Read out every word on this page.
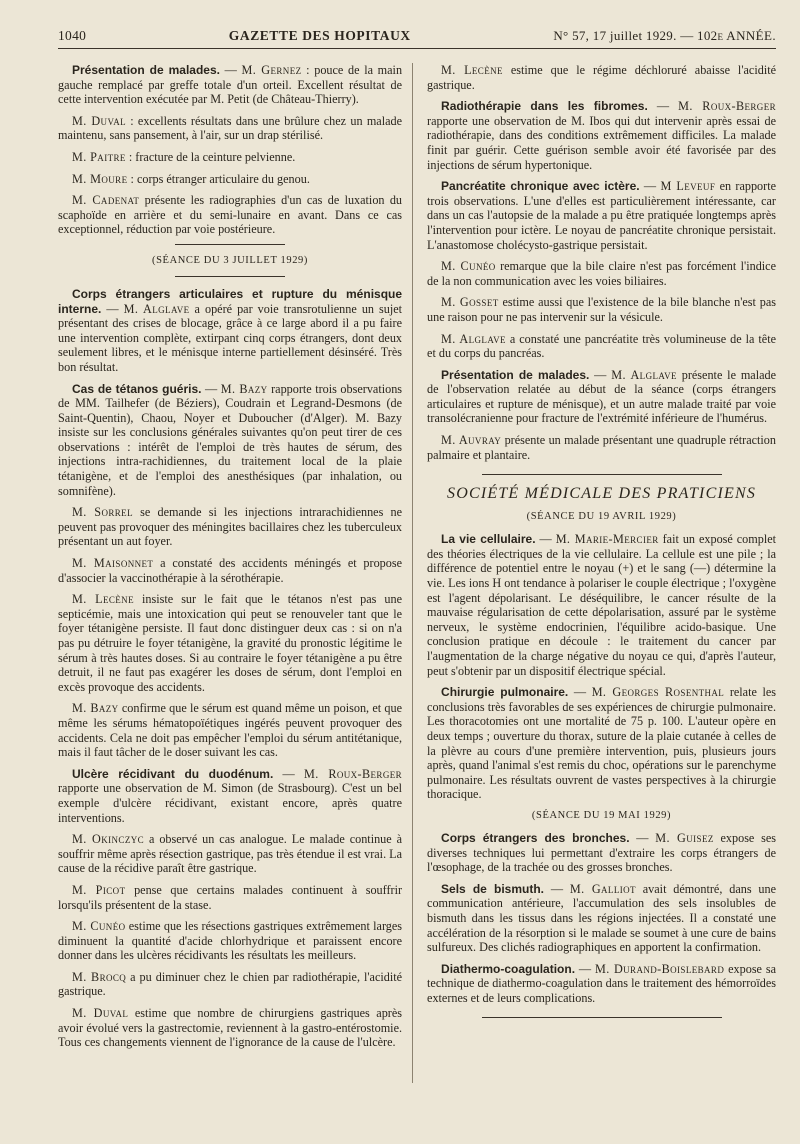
1040	GAZETTE DES HOPITAUX	N° 57, 17 juillet 1929. — 102e ANNÉE.

Présentation de malades. — M. Gernez : pouce de la main gauche remplacé par greffe totale d'un orteil. Excellent résultat de cette intervention exécutée par M. Petit (de Château-Thierry).

M. Duval : excellents résultats dans une brûlure chez un malade maintenu, sans pansement, à l'air, sur un drap stérilisé.

M. Paitre : fracture de la ceinture pelvienne.

M. Moure : corps étranger articulaire du genou.

M. Cadenat présente les radiographies d'un cas de luxation du scaphoïde en arrière et du semi-lunaire en avant. Dans ce cas exceptionnel, réduction par voie postérieure.

(SÉANCE DU 3 JUILLET 1929)

Corps étrangers articulaires et rupture du ménisque interne. — M. Alglave a opéré par voie transrotulienne un sujet présentant des crises de blocage, grâce à ce large abord il a pu faire une intervention complète, extirpant cinq corps étrangers, dont deux seulement libres, et le ménisque interne partiellement désinséré. Très bon résultat.

Cas de tétanos guéris. — M. Bazy rapporte trois observations de MM. Tailhefer (de Béziers), Coudrain et Legrand-Desmons (de Saint-Quentin), Chaou, Noyer et Duboucher (d'Alger). M. Bazy insiste sur les conclusions générales suivantes qu'on peut tirer de ces observations : intérêt de l'emploi de très hautes de sérum, des injections intra-rachidiennes, du traitement local de la plaie tétanigène, et de l'emploi des anesthésiques (par inhalation, ou somnifène).

M. Sorrel se demande si les injections intrarachidiennes ne peuvent pas provoquer des méningites bacillaires chez les tuberculeux présentant un aut foyer.

M. Maisonnet a constaté des accidents méningés et propose d'associer la vaccinothérapie à la sérothérapie.

M. Lecène insiste sur le fait que le tétanos n'est pas une septicémie, mais une intoxication qui peut se renouveler tant que le foyer tétanigène persiste. Il faut donc distinguer deux cas : si on n'a pas pu détruire le foyer tétanigène, la gravité du pronostic légitime le sérum à très hautes doses. Si au contraire le foyer tétanigène a pu être detruit, il ne faut pas exagérer les doses de sérum, dont l'emploi en excès provoque des accidents.

M. Bazy confirme que le sérum est quand même un poison, et que même les sérums hématopoïétiques ingérés peuvent provoquer des accidents. Cela ne doit pas empêcher l'emploi du sérum antitétanique, mais il faut tâcher de le doser suivant les cas.

Ulcère récidivant du duodénum. — M. Roux-Berger rapporte une observation de M. Simon (de Strasbourg). C'est un bel exemple d'ulcère récidivant, existant encore, après quatre interventions.

M. Okinczyc a observé un cas analogue. Le malade continue à souffrir même après résection gastrique, pas très étendue il est vrai. La cause de la récidive paraît être gastrique.

M. Picot pense que certains malades continuent à souffrir lorsqu'ils présentent de la stase.

M. Cunéo estime que les résections gastriques extrêmement larges diminuent la quantité d'acide chlorhydrique et paraissent encore donner dans les ulcères récidivants les résultats les meilleurs.

M. Brocq a pu diminuer chez le chien par radiothérapie, l'acidité gastrique.

M. Duval estime que nombre de chirurgiens gastriques après avoir évolué vers la gastrectomie, reviennent à la gastro-entérostomie. Tous ces changements viennent de l'ignorance de la cause de l'ulcère.

M. Lecène estime que le régime déchloruré abaisse l'acidité gastrique.

Radiothérapie dans les fibromes. — M. Roux-Berger rapporte une observation de M. Ibos qui dut intervenir après essai de radiothérapie, dans des conditions extrêmement difficiles. La malade finit par guérir. Cette guérison semble avoir été favorisée par des injections de sérum hypertonique.

Pancréatite chronique avec ictère. — M Leveuf en rapporte trois observations. L'une d'elles est particulièrement intéressante, car dans un cas l'autopsie de la malade a pu être pratiquée longtemps après l'intervention pour ictère. Le noyau de pancréatite chronique persistait. L'anastomose cholécysto-gastrique persistait.

M. Cunéo remarque que la bile claire n'est pas forcément l'indice de la non communication avec les voies biliaires.

M. Gosset estime aussi que l'existence de la bile blanche n'est pas une raison pour ne pas intervenir sur la vésicule.

M. Alglave a constaté une pancréatite très volumineuse de la tête et du corps du pancréas.

Présentation de malades. — M. Alglave présente le malade de l'observation relatée au début de la séance (corps étrangers articulaires et rupture de ménisque), et un autre malade traité par voie transolécranienne pour fracture de l'extrémité inférieure de l'humérus.

M. Auvray présente un malade présentant une quadruple rétraction palmaire et plantaire.

SOCIÉTÉ MÉDICALE DES PRATICIENS
(SÉANCE DU 19 AVRIL 1929)

La vie cellulaire. — M. Marie-Mercier fait un exposé complet des théories électriques de la vie cellulaire. La cellule est une pile ; la différence de potentiel entre le noyau (+) et le sang (—) détermine la vie. Les ions H ont tendance à polariser le couple électrique ; l'oxygène est l'agent dépolarisant. Le déséquilibre, le cancer résulte de la mauvaise régularisation de cette dépolarisation, assuré par le système nerveux, le système endocrinien, l'équilibre acido-basique. Une conclusion pratique en découle : le traitement du cancer par l'augmentation de la charge négative du noyau ce qui, d'après l'auteur, peut s'obtenir par un dispositif électrique spécial.

Chirurgie pulmonaire. — M. Georges Rosenthal relate les conclusions très favorables de ses expériences de chirurgie pulmonaire. Les thoracotomies ont une mortalité de 75 p. 100. L'auteur opère en deux temps ; ouverture du thorax, suture de la plaie cutanée à celles de la plèvre au cours d'une première intervention, puis, plusieurs jours après, quand l'animal s'est remis du choc, opérations sur le parenchyme pulmonaire. Les résultats ouvrent de vastes perspectives à la chirurgie thoracique.

(SÉANCE DU 19 MAI 1929)

Corps étrangers des bronches. — M. Guisez expose ses diverses techniques lui permettant d'extraire les corps étrangers de l'œsophage, de la trachée ou des grosses bronches.

Sels de bismuth. — M. Galliot avait démontré, dans une communication antérieure, l'accumulation des sels insolubles de bismuth dans les tissus dans les régions injectées. Il a constaté une accélération de la résorption si le malade se soumet à une cure de bains sulfureux. Des clichés radiographiques en apportent la confirmation.

Diathermo-coagulation. — M. Durand-Boislebard expose sa technique de diathermo-coagulation dans le traitement des hémorroïdes externes et de leurs complications.
